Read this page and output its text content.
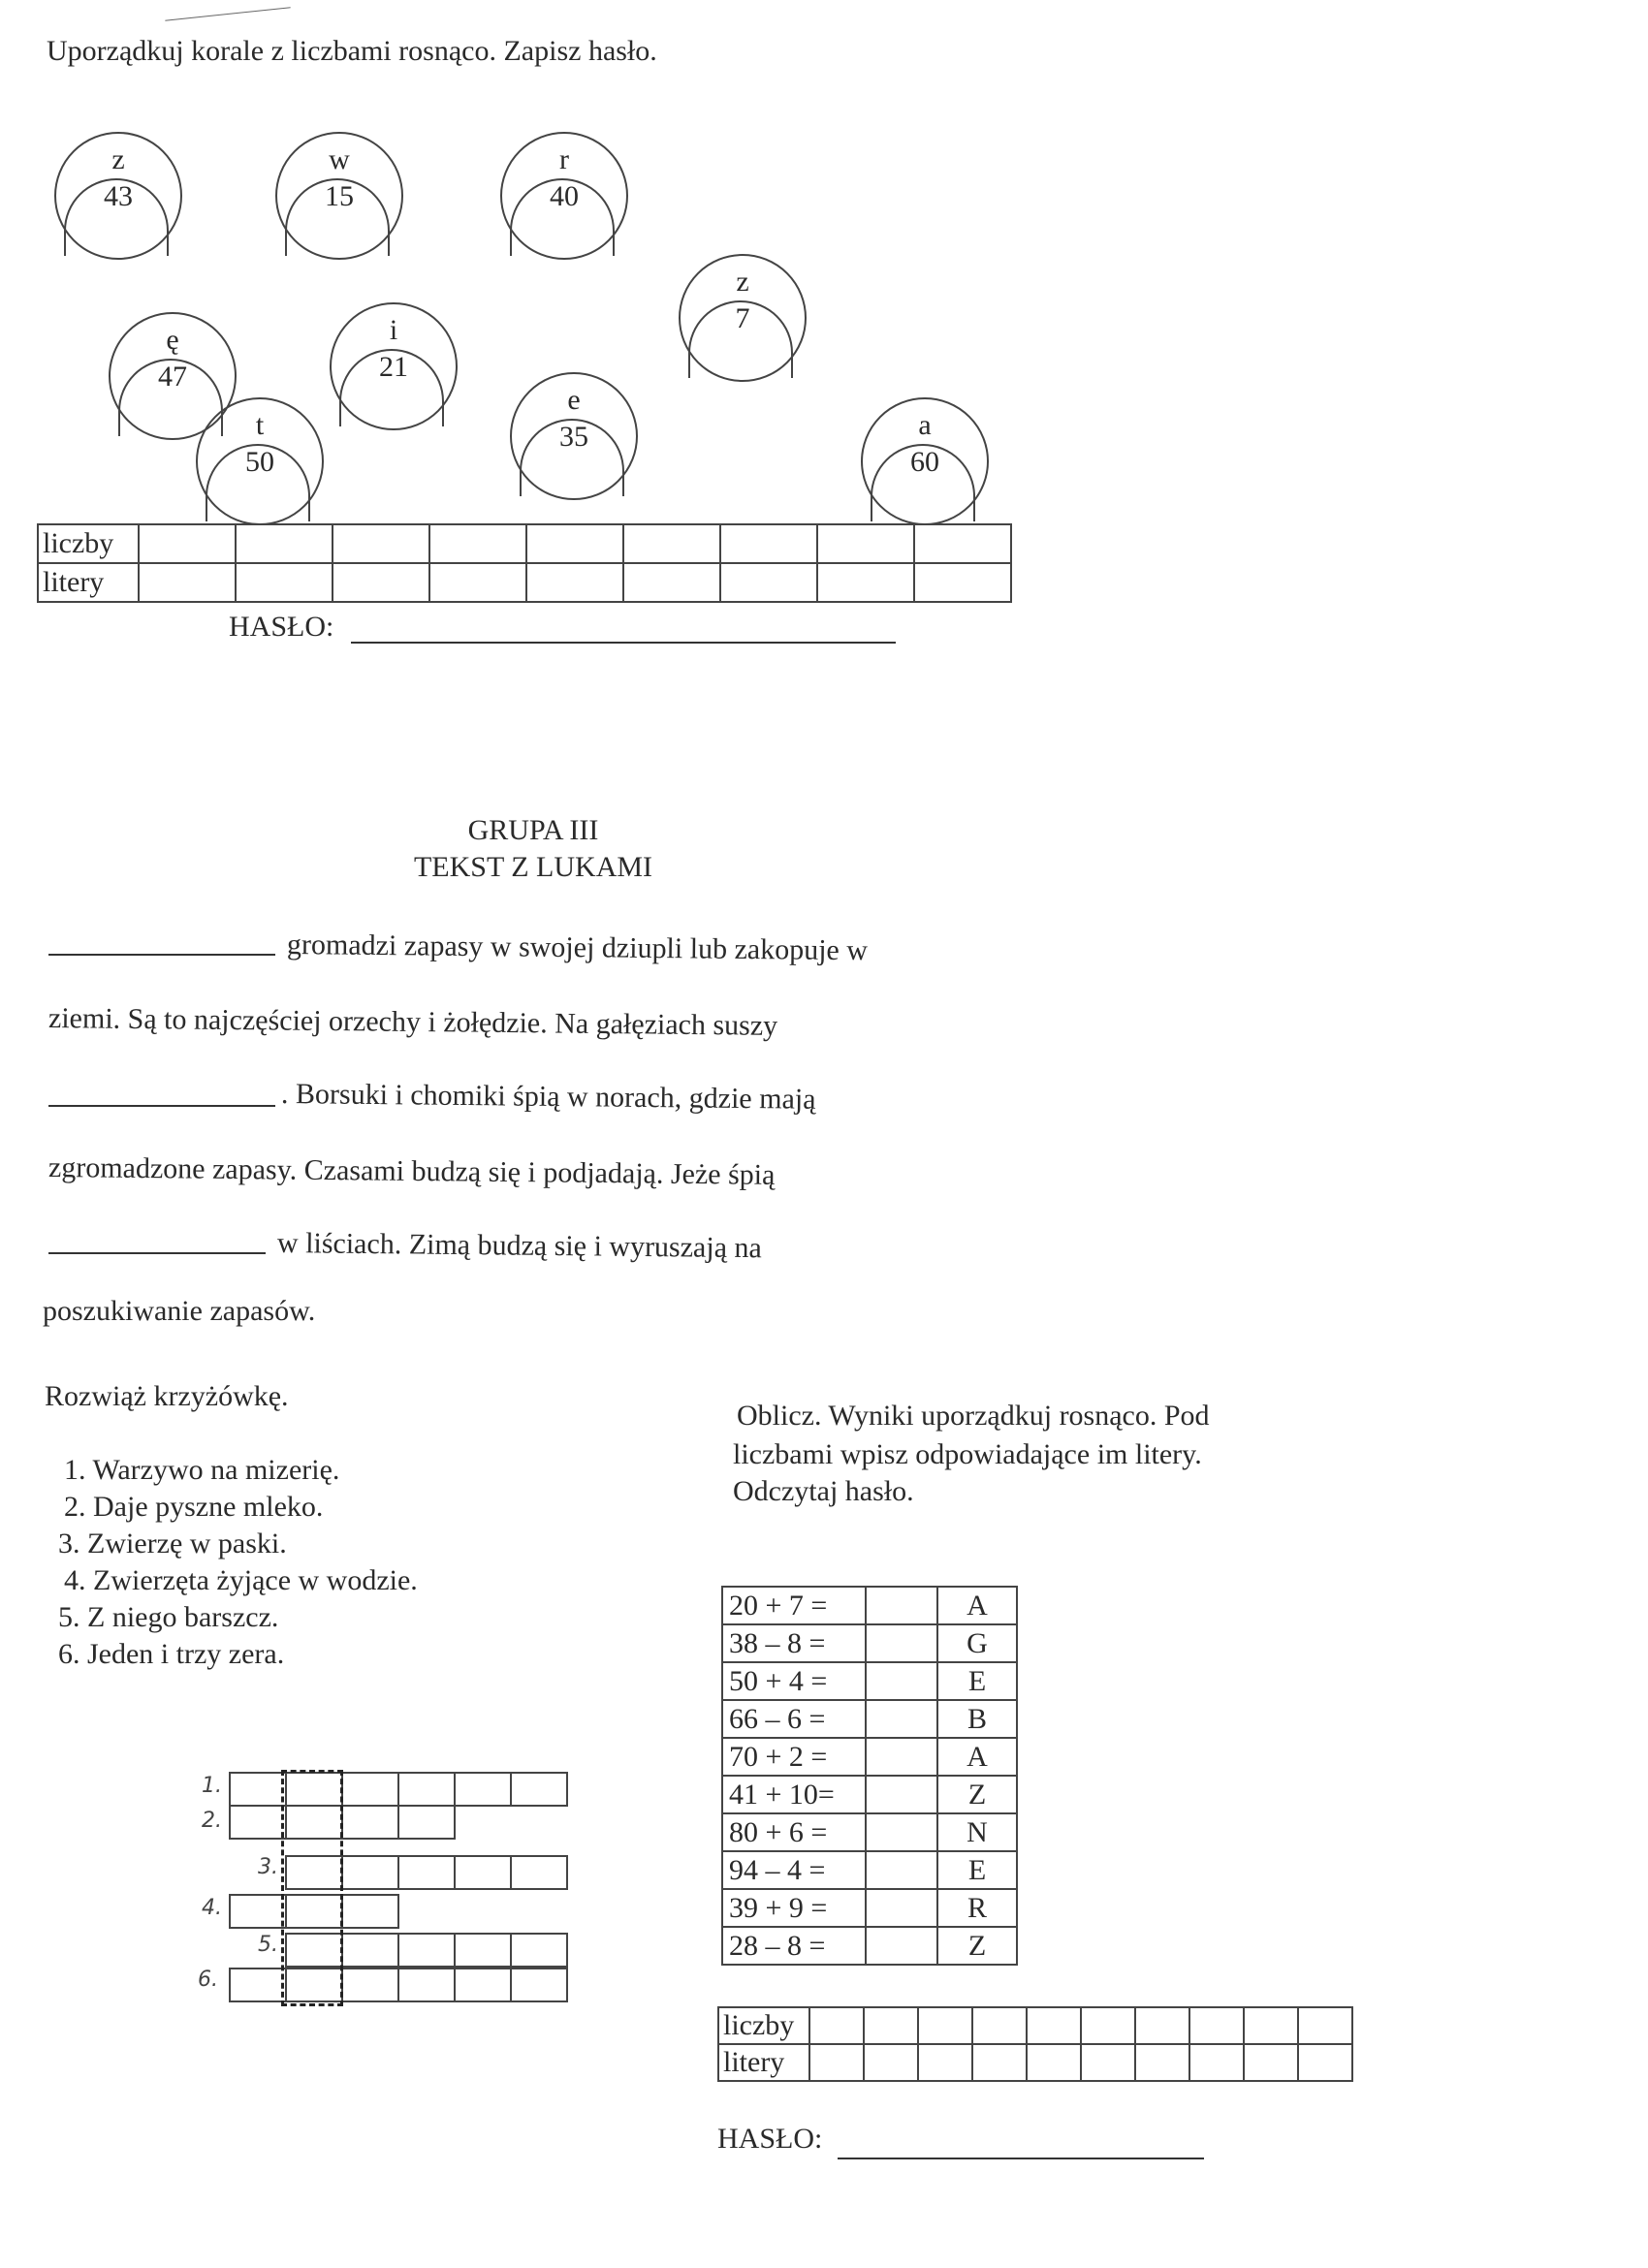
Uporządkuj korale z liczbami rosnąco. Zapisz hasło.
z
43
w
15
r
40
z
7
ę
47
i
21
e
35
t
50
a
60
liczby									
litery									
HASŁO:
GRUPA III
TEKST Z LUKAMI
gromadzi zapasy w swojej dziupli lub zakopuje w
ziemi. Są to najczęściej orzechy i żołędzie. Na gałęziach suszy
. Borsuki i chomiki śpią w norach, gdzie mają
zgromadzone zapasy. Czasami budzą się i podjadają. Jeże śpią
w liściach. Zimą budzą się i wyruszają na
poszukiwanie zapasów.
Rozwiąż krzyżówkę.
1. Warzywo na mizerię.
2. Daje pyszne mleko.
3. Zwierzę w paski.
4. Zwierzęta żyjące w wodzie.
5. Z niego barszcz.
6. Jeden i trzy zera.
1.
2.
3.
4.
5.
6.
Oblicz. Wyniki uporządkuj rosnąco. Pod
liczbami wpisz odpowiadające im litery.
Odczytaj hasło.
20 + 7 =		A
38 – 8 =		G
50 + 4 =		E
66 – 6 =		B
70 + 2 =		A
41 + 10=		Z
80 + 6 =		N
94 – 4 =		E
39 + 9 =		R
28 – 8 =		Z
liczby										
litery										
HASŁO:
